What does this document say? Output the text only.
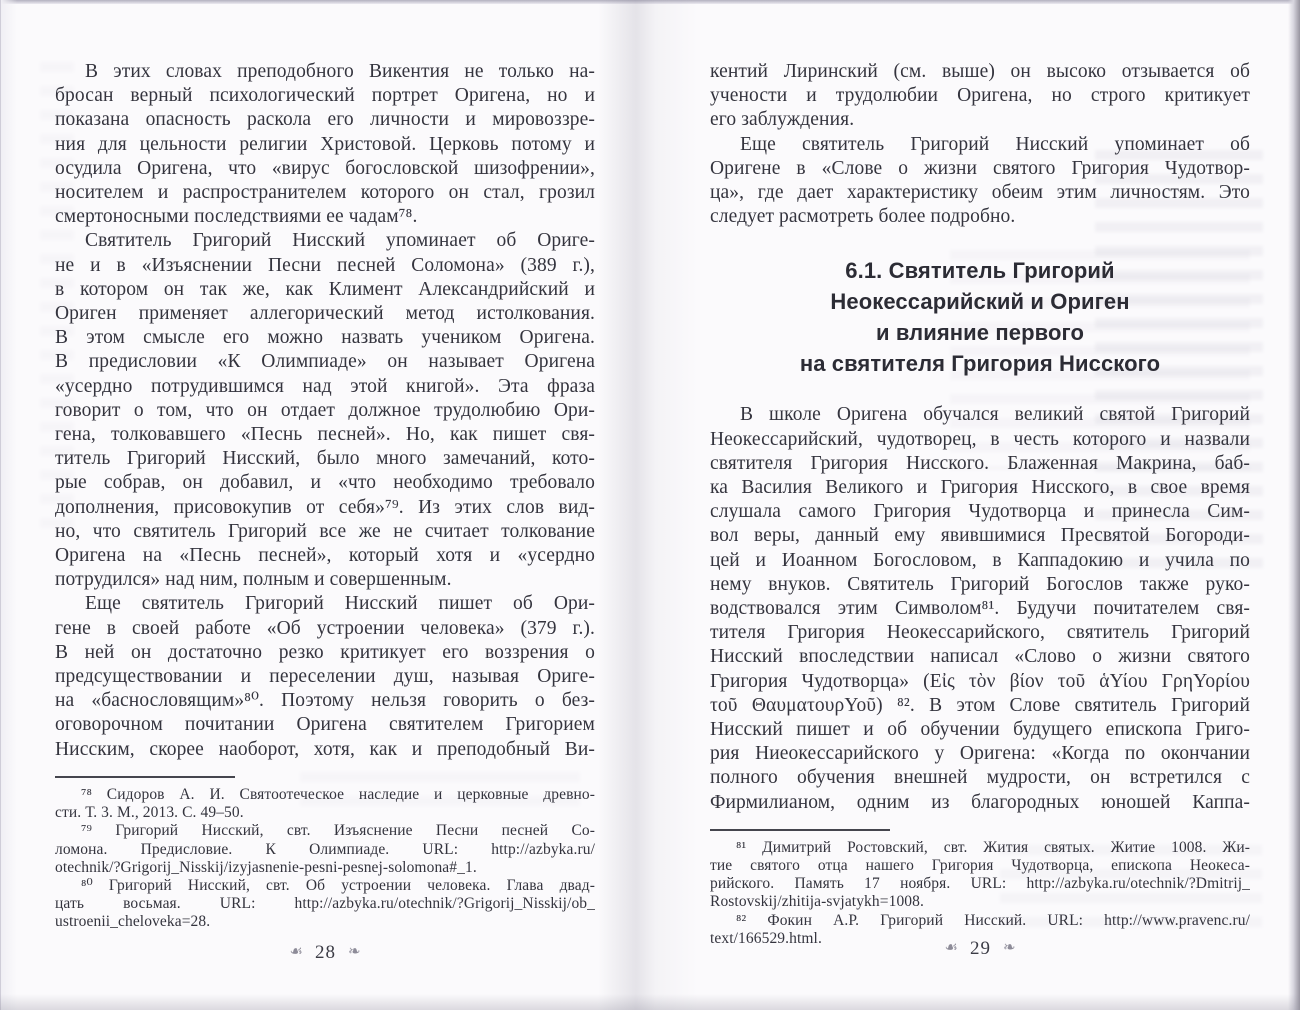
В этих словах преподобного Викентия не только на-
бросан верный психологический портрет Оригена, но и
показана опасность раскола его личности и мировоззре-
ния для цельности религии Христовой. Церковь потому и
осудила Оригена, что «вирус богословской шизофрении»,
носителем и распространителем которого он стал, грозил
смертоносными последствиями ее чадам⁷⁸.
Святитель Григорий Нисский упоминает об Ориге-
не и в «Изъяснении Песни песней Соломона» (389 г.),
в котором он так же, как Климент Александрийский и
Ориген применяет аллегорический метод истолкования.
В этом смысле его можно назвать учеником Оригена.
В предисловии «К Олимпиаде» он называет Оригена
«усердно потрудившимся над этой книгой». Эта фраза
говорит о том, что он отдает должное трудолюбию Ори-
гена, толковавшего «Песнь песней». Но, как пишет свя-
титель Григорий Нисский, было много замечаний, кото-
рые собрав, он добавил, и «что необходимо требовало
дополнения, присовокупив от себя»⁷⁹. Из этих слов вид-
но, что святитель Григорий все же не считает толкование
Оригена на «Песнь песней», который хотя и «усердно
потрудился» над ним, полным и совершенным.
Еще святитель Григорий Нисский пишет об Ори-
гене в своей работе «Об устроении человека» (379 г.).
В ней он достаточно резко критикует его воззрения о
предсуществовании и переселении душ, называя Ориге-
на «баснословящим»⁸⁰. Поэтому нельзя говорить о без-
оговорочном почитании Оригена святителем Григорием
Нисским, скорее наоборот, хотя, как и преподобный Ви-
⁷⁸ Сидоров А. И. Святоотеческое наследие и церковные древно-
сти. Т. 3. М., 2013. С. 49–50.
⁷⁹ Григорий Нисский, свт. Изъяснение Песни песней Со-
ломона. Предисловие. К Олимпиаде. URL: http://azbyka.ru/
otechnik/?Grigorij_Nisskij/izyjasnenie-pesni-pesnej-solomona#_1.
⁸⁰ Григорий Нисский, свт. Об устроении человека. Глава двад-
цать восьмая. URL: http://azbyka.ru/otechnik/?Grigorij_Nisskij/ob_
ustroenii_cheloveka=28.
☙ 28 ❧
кентий Лиринский (см. выше) он высоко отзывается об
учености и трудолюбии Оригена, но строго критикует
его заблуждения.
Еще святитель Григорий Нисский упоминает об
Оригене в «Слове о жизни святого Григория Чудотвор-
ца», где дает характеристику обеим этим личностям. Это
следует расмотреть более подробно.
6.1. Святитель Григорий
Неокессарийский и Ориген
и влияние первого
на святителя Григория Нисского
В школе Оригена обучался великий святой Григорий
Неокессарийский, чудотворец, в честь которого и назвали
святителя Григория Нисского. Блаженная Макрина, баб-
ка Василия Великого и Григория Нисского, в свое время
слушала самого Григория Чудотворца и принесла Сим-
вол веры, данный ему явившимися Пресвятой Богороди-
цей и Иоанном Богословом, в Каппадокию и учила по
нему внуков. Святитель Григорий Богослов также руко-
водствовался этим Символом⁸¹. Будучи почитателем свя-
тителя Григория Неокессарийского, святитель Григорий
Нисский впоследствии написал «Слово о жизни святого
Григория Чудотворца» (Εἰς τὸν βίον τοῦ ἁΥίου ΓρηΥορίου
τοῦ ΘαυματουρΥοῦ) ⁸². В этом Слове святитель Григорий
Нисский пишет и об обучении будущего епископа Григо-
рия Ниеокессарийского у Оригена: «Когда по окончании
полного обучения внешней мудрости, он встретился с
Фирмилианом, одним из благородных юношей Каппа-
⁸¹ Димитрий Ростовский, свт. Жития святых. Житие 1008. Жи-
тие святого отца нашего Григория Чудотворца, епископа Неокеса-
рийского. Память 17 ноября. URL: http://azbyka.ru/otechnik/?Dmitrij_
Rostovskij/zhitija-svjatykh=1008.
⁸² Фокин А.Р. Григорий Нисский. URL: http://www.pravenc.ru/
text/166529.html.
☙ 29 ❧
